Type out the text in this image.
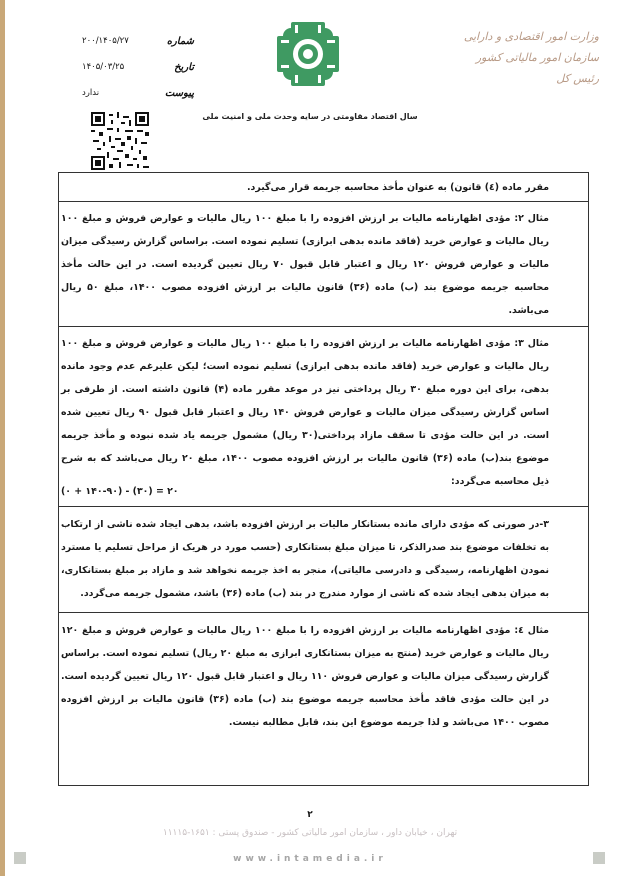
وزارت امور اقتصادی و دارایی
سازمان امور مالیاتی کشور
رئیس کل
سال اقتصاد مقاومتی در سایه وحدت ملی و امنیت ملی
شماره
۲۰۰/۱۴۰۵/۲۷
تاریخ
۱۴۰۵/۰۳/۲۵
پیوست
ندارد
مقرر ماده (٤) قانون) به عنوان مأخذ محاسبه جریمه قرار می‌گیرد.
مثال ۲: مؤدی اظهارنامه مالیات بر ارزش افزوده را با مبلغ ۱۰۰ ریال مالیات و عوارض فروش و مبلغ ۱۰۰ ریال مالیات و عوارض خرید (فاقد مانده بدهی ابرازی) تسلیم نموده است. براساس گزارش رسیدگی میزان مالیات و عوارض فروش ۱۲۰ ریال و اعتبار قابل قبول ۷۰ ریال تعیین گردیده است. در این حالت مأخذ محاسبه جریمه موضوع بند (ب) ماده (۳۶) قانون مالیات بر ارزش افزوده مصوب ۱۴۰۰، مبلغ ۵۰ ریال می‌باشد.
مثال ۳: مؤدی اظهارنامه مالیات بر ارزش افزوده را با مبلغ ۱۰۰ ریال مالیات و عوارض فروش و مبلغ ۱۰۰ ریال مالیات و عوارض خرید (فاقد مانده بدهی ابرازی) تسلیم نموده است؛ لیکن علیرغم عدم وجود مانده بدهی، برای این دوره مبلغ ۳۰ ریال پرداختی نیز در موعد مقرر ماده (۴) قانون داشته است. از طرفی بر اساس گزارش رسیدگی میزان مالیات و عوارض فروش ۱۴۰ ریال و اعتبار قابل قبول ۹۰ ریال تعیین شده است. در این حالت مؤدی تا سقف مازاد پرداختی(۳۰ ریال) مشمول جریمه یاد شده نبوده و مأخذ جریمه موضوع بند(ب) ماده (۳۶) قانون مالیات بر ارزش افزوده مصوب ۱۴۰۰، مبلغ ۲۰ ریال می‌باشد که به شرح ذیل محاسبه می‌گردد:
۲۰ = (۳۰) - (۱۴۰-۹۰ + ۰)
۳-در صورتی که مؤدی دارای مانده بستانکار مالیات بر ارزش افزوده باشد، بدهی ایجاد شده ناشی از ارتکاب به تخلفات موضوع بند صدرالذکر، تا میزان مبلغ بستانکاری (حسب مورد در هریک از مراحل تسلیم یا مسترد نمودن اظهارنامه، رسیدگی و دادرسی مالیاتی)، منجر به اخذ جریمه نخواهد شد و مازاد بر مبلغ بستانکاری، به میزان بدهی ایجاد شده که ناشی از موارد مندرج در بند (ب) ماده (۳۶) باشد، مشمول جریمه می‌گردد.
مثال ٤: مؤدی اظهارنامه مالیات بر ارزش افزوده را با مبلغ ۱۰۰ ریال مالیات و عوارض فروش و مبلغ ۱۲۰ ریال مالیات و عوارض خرید (منتج به میزان بستانکاری ابرازی به مبلغ ۲۰ ریال) تسلیم نموده است. براساس گزارش رسیدگی میزان مالیات و عوارض فروش ۱۱۰ ریال و اعتبار قابل قبول ۱۲۰ ریال تعیین گردیده است. در این حالت مؤدی فاقد مأخذ محاسبه جریمه موضوع بند (ب) ماده (۳۶) قانون مالیات بر ارزش افزوده مصوب ۱۴۰۰ می‌باشد و لذا جریمه موضوع این بند، قابل مطالبه نیست.
۲
تهران ، خیابان داور ، سازمان امور مالیاتی کشور - صندوق پستی : ۱۶۵۱-۱۱۱۱۵
www.intamedia.ir
